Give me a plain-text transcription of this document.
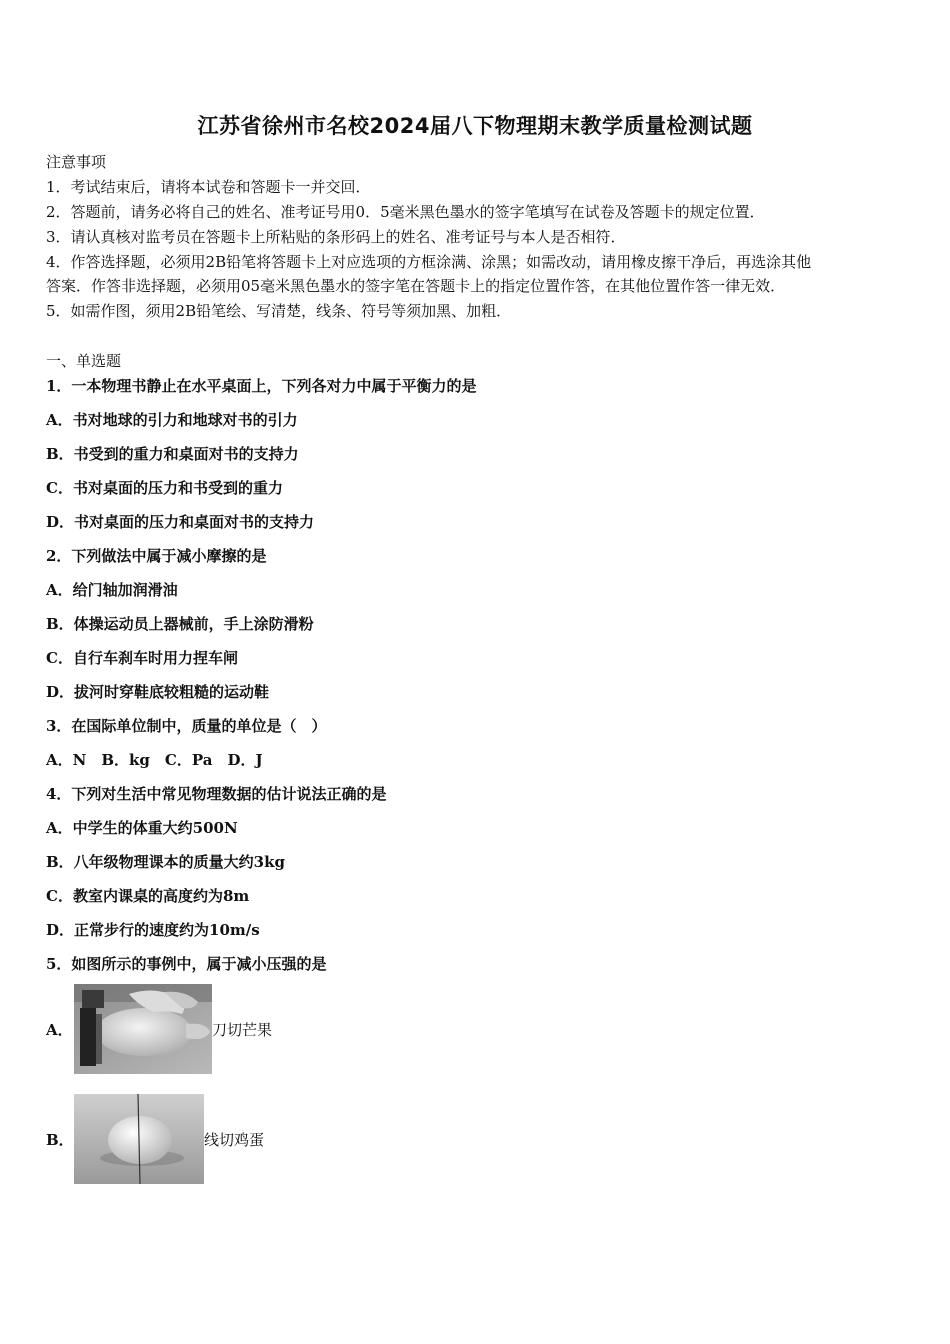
江苏省徐州市名校2024届八下物理期末教学质量检测试题
注意事项
1．考试结束后，请将本试卷和答题卡一并交回．
2．答题前，请务必将自己的姓名、准考证号用0．5毫米黑色墨水的签字笔填写在试卷及答题卡的规定位置．
3．请认真核对监考员在答题卡上所粘贴的条形码上的姓名、准考证号与本人是否相符．
4．作答选择题，必须用2B铅笔将答题卡上对应选项的方框涂满、涂黑；如需改动，请用橡皮擦干净后，再选涂其他
答案．作答非选择题，必须用05毫米黑色墨水的签字笔在答题卡上的指定位置作答，在其他位置作答一律无效．
5．如需作图，须用2B铅笔绘、写清楚，线条、符号等须加黑、加粗．
一、单选题
1．一本物理书静止在水平桌面上，下列各对力中属于平衡力的是
A．书对地球的引力和地球对书的引力
B．书受到的重力和桌面对书的支持力
C．书对桌面的压力和书受到的重力
D．书对桌面的压力和桌面对书的支持力
2．下列做法中属于减小摩擦的是
A．给门轴加润滑油
B．体操运动员上器械前，手上涂防滑粉
C．自行车刹车时用力捏车闸
D．拔河时穿鞋底较粗糙的运动鞋
3．在国际单位制中，质量的单位是（　）
A．N　B．kg　C．Pa　D．J
4．下列对生活中常见物理数据的估计说法正确的是
A．中学生的体重大约500N
B．八年级物理课本的质量大约3kg
C．教室内课桌的高度约为8m
D．正常步行的速度约为10m/s
5．如图所示的事例中，属于减小压强的是
A．	刀切芒果
B．	线切鸡蛋
